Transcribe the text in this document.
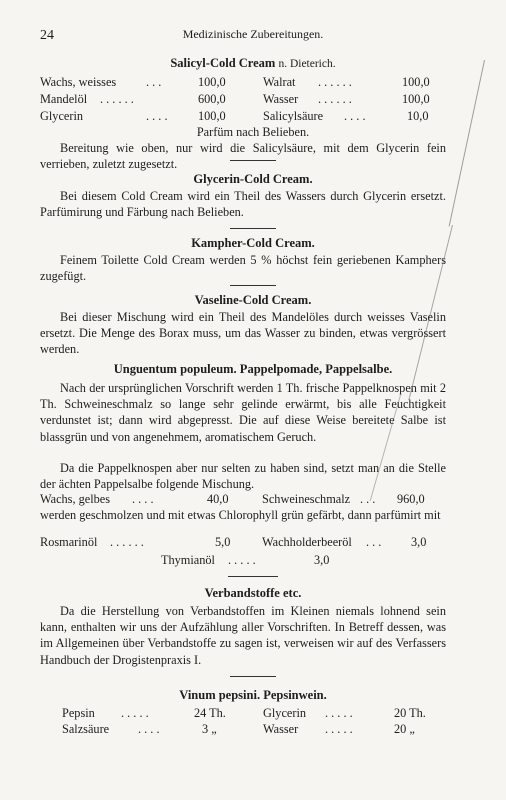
24	Medizinische Zubereitungen.
Salicyl-Cold Cream n. Dieterich.
Wachs, weisses . . .	100,0	Walrat . . . . . .	100,0
Mandelöl . . . . . .	600,0	Wasser . . . . . .	100,0
Glycerin	. . . . 100,0	Salicylsäure . . . .	10,0
Parfüm nach Belieben.
Bereitung wie oben, nur wird die Salicylsäure, mit dem Glycerin fein verrieben, zuletzt zugesetzt.
Glycerin-Cold Cream.
Bei diesem Cold Cream wird ein Theil des Wassers durch Glycerin ersetzt. Parfümirung und Färbung nach Belieben.
Kampher-Cold Cream.
Feinem Toilette Cold Cream werden 5 % höchst fein geriebenen Kamphers zugefügt.
Vaseline-Cold Cream.
Bei dieser Mischung wird ein Theil des Mandelöles durch weisses Vaselin ersetzt. Die Menge des Borax muss, um das Wasser zu binden, etwas vergrössert werden.
Unguentum populeum. Pappelpomade, Pappelsalbe.
Nach der ursprünglichen Vorschrift werden 1 Th. frische Pappelknospen mit 2 Th. Schweineschmalz so lange sehr gelinde erwärmt, bis alle Feuchtigkeit verdunstet ist; dann wird abgepresst. Die auf diese Weise bereitete Salbe ist blassgrün und von angenehmem, aromatischem Geruch.
Da die Pappelknospen aber nur selten zu haben sind, setzt man an die Stelle der ächten Pappelsalbe folgende Mischung.
Wachs, gelbes . . . .	40,0	Schweineschmalz . . . 960,0
werden geschmolzen und mit etwas Chlorophyll grün gefärbt, dann parfümirt mit
Rosmarinöl . . . . . .	5,0	Wachholderbeeröl . . . 3,0
Thymianöl . . . . .	3,0
Verbandstoffe etc.
Da die Herstellung von Verbandstoffen im Kleinen niemals lohnend sein kann, enthalten wir uns der Aufzählung aller Vorschriften. In Betreff dessen, was im Allgemeinen über Verbandstoffe zu sagen ist, verweisen wir auf des Verfassers Handbuch der Drogistenpraxis I.
Vinum pepsini. Pepsinwein.
Pepsin . . . . .	24 Th.	Glycerin . . . . .	20 Th.
Salzsäure . . . .	3 „	Wasser . . . . .	20 „
